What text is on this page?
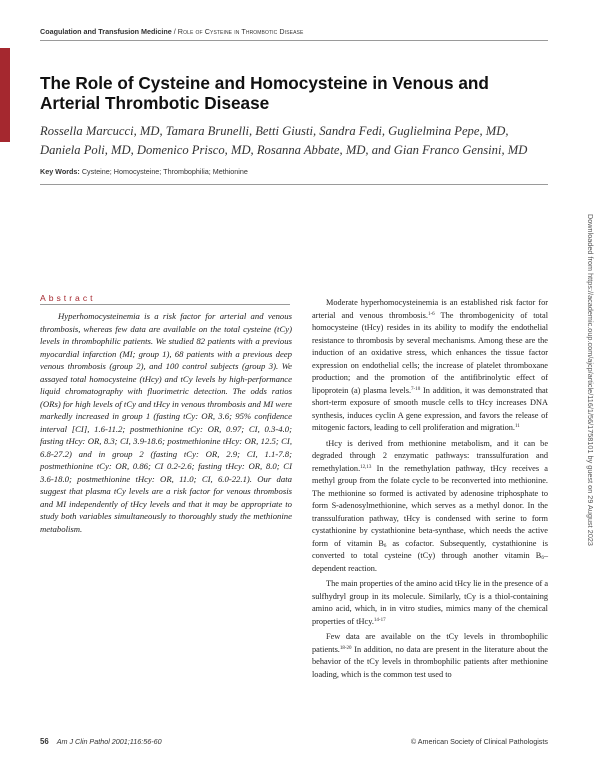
Coagulation and Transfusion Medicine / Role of Cysteine in Thrombotic Disease
The Role of Cysteine and Homocysteine in Venous and Arterial Thrombotic Disease

Rossella Marcucci, MD, Tamara Brunelli, Betti Giusti, Sandra Fedi, Guglielmina Pepe, MD, Daniela Poli, MD, Domenico Prisco, MD, Rosanna Abbate, MD, and Gian Franco Gensini, MD

Key Words: Cysteine; Homocysteine; Thrombophilia; Methionine
Downloaded from https://academic.oup.com/ajcp/article/116/1/56/1758101 by guest on 29 August 2023
Abstract

Hyperhomocysteinemia is a risk factor for arterial and venous thrombosis, whereas few data are available on the total cysteine (tCy) levels in thrombophilic patients. We studied 82 patients with a previous myocardial infarction (MI; group 1), 68 patients with a previous deep venous thrombosis (group 2), and 100 control subjects (group 3). We assayed total homocysteine (tHcy) and tCy levels by high-performance liquid chromatography with fluorimetric detection. The odds ratios (ORs) for high levels of tCy and tHcy in venous thrombosis and MI were markedly increased in group 1 (fasting tCy: OR, 3.6; 95% confidence interval [CI], 1.6-11.2; postmethionine tCy: OR, 0.97; CI, 0.3-4.0; fasting tHcy: OR, 8.3; CI, 3.9-18.6; postmethionine tHcy: OR, 12.5; CI, 6.8-27.2) and in group 2 (fasting tCy: OR, 2.9; CI, 1.1-7.8; postmethionine tCy: OR, 0.86; CI 0.2-2.6; fasting tHcy: OR, 8.0; CI 3.6-18.0; postmethionine tHcy: OR, 11.0; CI, 6.0-22.1). Our data suggest that plasma tCy levels are a risk factor for venous thrombosis and MI independently of tHcy levels and that it may be appropriate to study both variables simultaneously to thoroughly study the methionine metabolism.

Moderate hyperhomocysteinemia is an established risk factor for arterial and venous thrombosis.$^{1-6}$ The thrombogenicity of total homocysteine (tHcy) resides in its ability to modify the endothelial resistance to thrombosis by several mechanisms. Among these are the induction of an oxidative stress, which enhances the tissue factor expression on endothelial cells; the increase of platelet thromboxane production; and the promotion of the antifibrinolytic effect of lipoprotein (a) plasma levels.$^{7-10}$ In addition, it was demonstrated that short-term exposure of smooth muscle cells to tHcy increases DNA synthesis, induces cyclin A gene expression, and favors the release of mitogenic factors, leading to cell proliferation and migration.$^{11}$

tHcy is derived from methionine metabolism, and it can be degraded through 2 enzymatic pathways: transsulfuration and remethylation.$^{12,13}$ In the remethylation pathway, tHcy receives a methyl group from the folate cycle to be reconverted into methionine. The methionine so formed is activated by adenosine triphosphate to form S-adenosylmethionine, which serves as a methyl donor. In the transsulfuration pathway, tHcy is condensed with serine to form cystathionine by cystathionine beta-synthase, which needs the active form of vitamin $B_6$ as cofactor. Subsequently, cystathionine is converted to total cysteine (tCy) through another vitamin $B_6$–dependent reaction.

The main properties of the amino acid tHcy lie in the presence of a sulfhydryl group in its molecule. Similarly, tCy is a thiol-containing amino acid, which, in in vitro studies, mimics many of the chemical properties of tHcy.$^{14-17}$

Few data are available on the tCy levels in thrombophilic patients.$^{18-20}$ In addition, no data are present in the literature about the behavior of the tCy levels in thrombophilic patients after methionine loading, which is the common test used to

56 Am J Clin Pathol 2001;116:56-60	© American Society of Clinical Pathologists
